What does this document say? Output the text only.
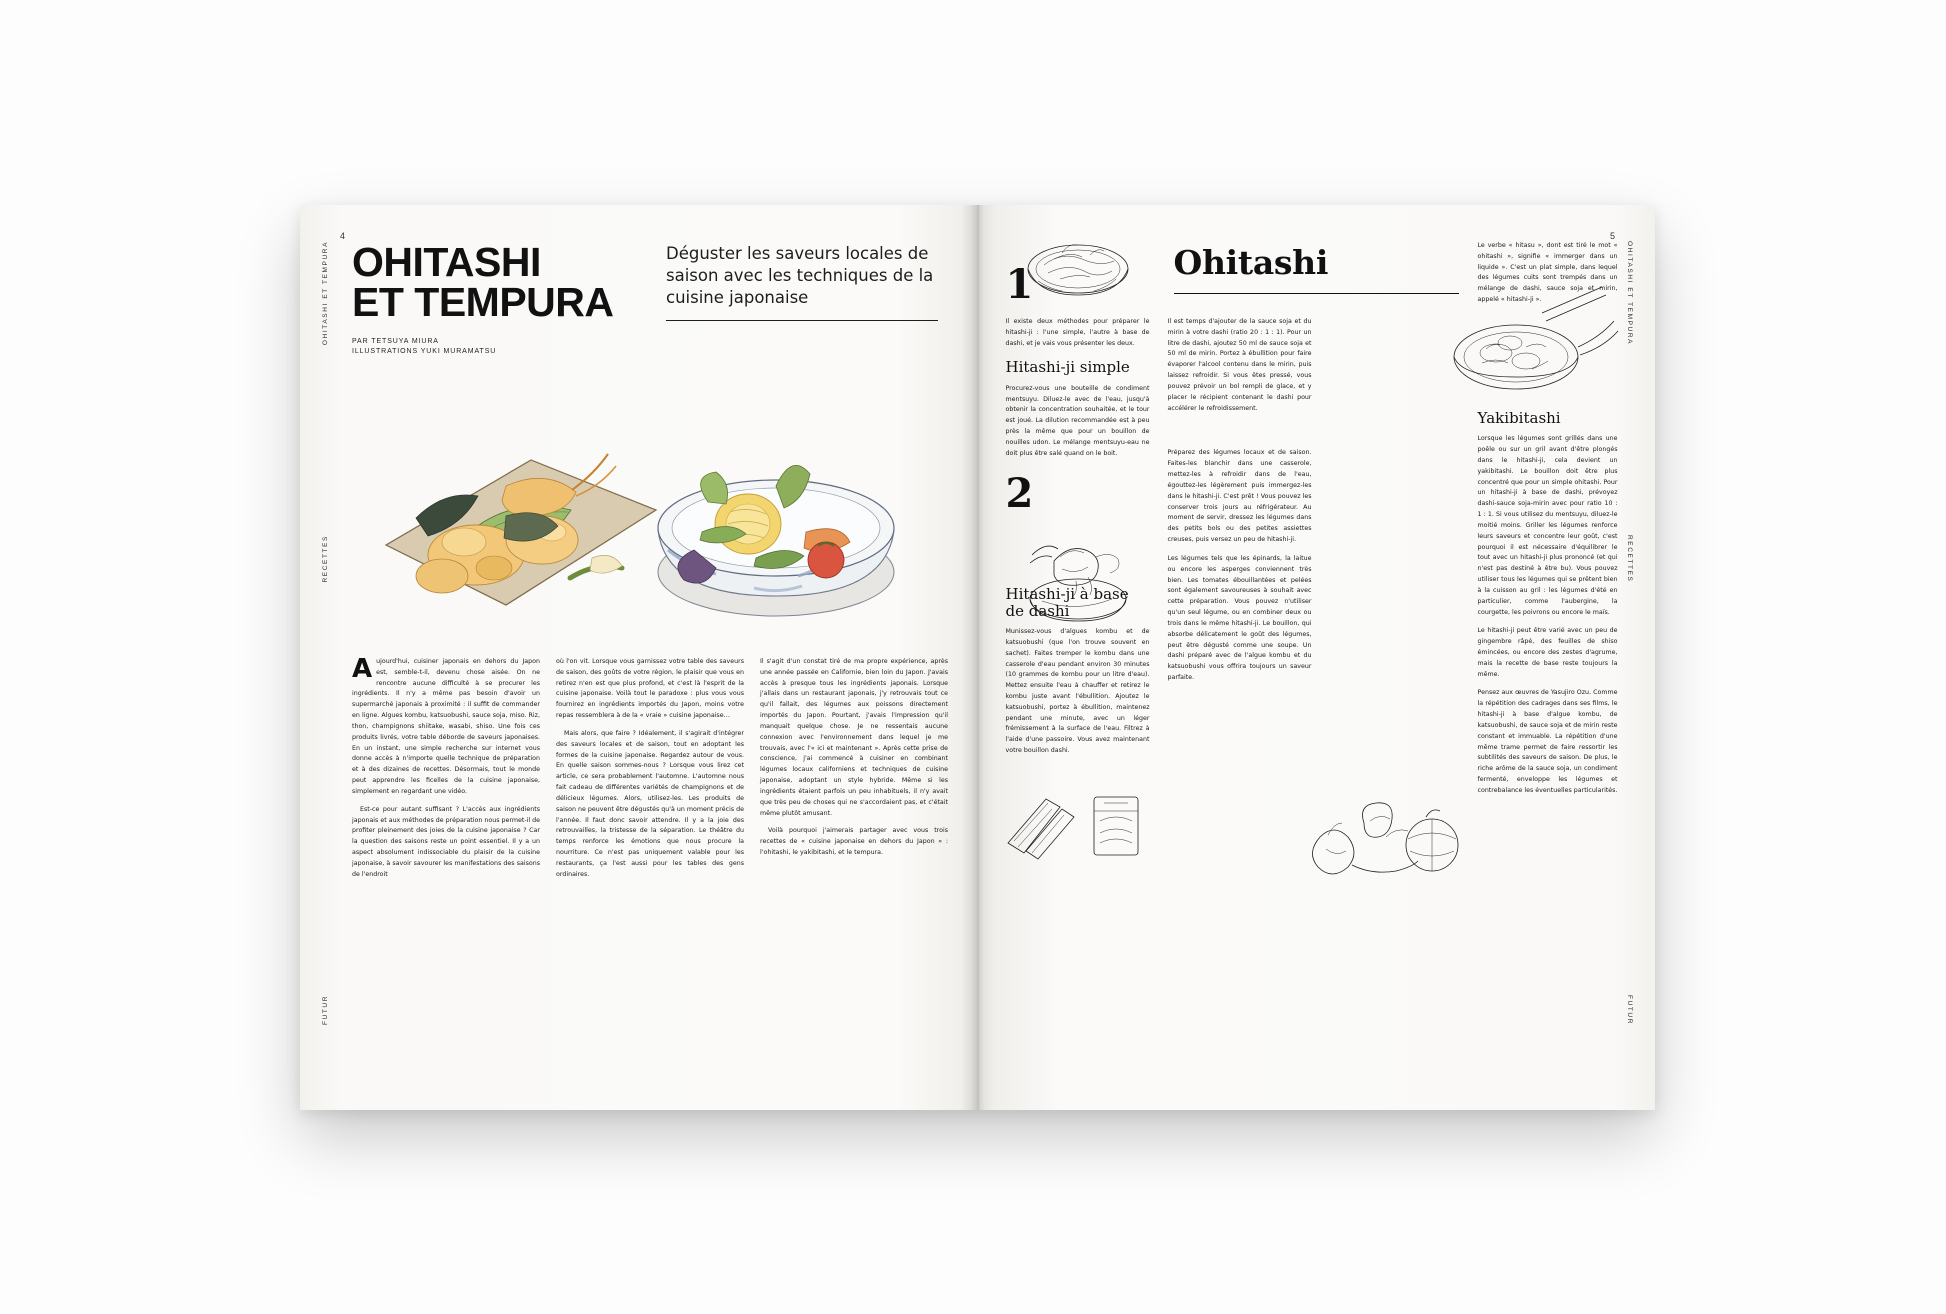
OHITASHI ET TEMPURA
RECETTES
FUTUR
4
OHITASHI
ET TEMPURA
PAR TETSUYA MIURA
ILLUSTRATIONS YUKI MURAMATSU
Déguster les saveurs locales de saison avec les techniques de la cuisine japonaise

Aujourd'hui, cuisiner japonais en dehors du Japon est, semble-t-il, devenu chose aisée. On ne rencontre aucune difficulté à se procurer les ingrédients. Il n'y a même pas besoin d'avoir un supermarché japonais à proximité : il suffit de commander en ligne. Algues kombu, katsuobushi, sauce soja, miso. Riz, thon, champignons shiitake, wasabi, shiso. Une fois ces produits livrés, votre table déborde de saveurs japonaises. En un instant, une simple recherche sur internet vous donne accès à n'importe quelle technique de préparation et à des dizaines de recettes. Désormais, tout le monde peut apprendre les ficelles de la cuisine japonaise, simplement en regardant une vidéo.

Est-ce pour autant suffisant ? L'accès aux ingrédients japonais et aux méthodes de préparation nous permet-il de profiter pleinement des joies de la cuisine japonaise ? Car la question des saisons reste un point essentiel. Il y a un aspect absolument indissociable du plaisir de la cuisine japonaise, à savoir savourer les manifestations des saisons de l'endroit

où l'on vit. Lorsque vous garnissez votre table des saveurs de saison, des goûts de votre région, le plaisir que vous en retirez n'en est que plus profond, et c'est là l'esprit de la cuisine japonaise. Voilà tout le paradoxe : plus vous vous fournirez en ingrédients importés du Japon, moins votre repas ressemblera à de la « vraie » cuisine japonaise…

Mais alors, que faire ? Idéalement, il s'agirait d'intégrer des saveurs locales et de saison, tout en adoptant les formes de la cuisine japonaise. Regardez autour de vous. En quelle saison sommes-nous ? Lorsque vous lirez cet article, ce sera probablement l'automne. L'automne nous fait cadeau de différentes variétés de champignons et de délicieux légumes. Alors, utilisez-les. Les produits de saison ne peuvent être dégustés qu'à un moment précis de l'année. Il faut donc savoir attendre. Il y a la joie des retrouvailles, la tristesse de la séparation. Le théâtre du temps renforce les émotions que nous procure la nourriture. Ce n'est pas uniquement valable pour les restaurants, ça l'est aussi pour les tables des gens ordinaires.

Il s'agit d'un constat tiré de ma propre expérience, après une année passée en Californie, bien loin du Japon. J'avais accès à presque tous les ingrédients japonais. Lorsque j'allais dans un restaurant japonais, j'y retrouvais tout ce qu'il fallait, des légumes aux poissons directement importés du Japon. Pourtant, j'avais l'impression qu'il manquait quelque chose. Je ne ressentais aucune connexion avec l'environnement dans lequel je me trouvais, avec l'« ici et maintenant ». Après cette prise de conscience, j'ai commencé à cuisiner en combinant légumes locaux californiens et techniques de cuisine japonaise, adoptant un style hybride. Même si les ingrédients étaient parfois un peu inhabituels, il n'y avait que très peu de choses qui ne s'accordaient pas, et c'était même plutôt amusant.

Voilà pourquoi j'aimerais partager avec vous trois recettes de « cuisine japonaise en dehors du Japon » : l'ohitashi, le yakibitashi, et le tempura.

OHITASHI ET TEMPURA
RECETTES
FUTUR
5
Ohitashi	Le verbe « hitasu », dont est tiré le mot « ohitashi », signifie « immerger dans un liquide ». C'est un plat simple, dans lequel des légumes cuits sont trempés dans un mélange de dashi, sauce soja et mirin, appelé « hitashi-ji ».
Il existe deux méthodes pour préparer le hitashi-ji : l'une simple, l'autre à base de dashi, et je vais vous présenter les deux.
Hitashi-ji simple
Procurez-vous une bouteille de condiment mentsuyu. Diluez-le avec de l'eau, jusqu'à obtenir la concentration souhaitée, et le tour est joué. La dilution recommandée est à peu près la même que pour un bouillon de nouilles udon. Le mélange mentsuyu-eau ne doit plus être salé quand on le boit.
2
Hitashi-ji à base de dashi
Munissez-vous d'algues kombu et de katsuobushi (que l'on trouve souvent en sachet). Faites tremper le kombu dans une casserole d'eau pendant environ 30 minutes (10 grammes de kombu pour un litre d'eau). Mettez ensuite l'eau à chauffer et retirez le kombu juste avant l'ébullition. Ajoutez le katsuobushi, portez à ébullition, maintenez pendant une minute, avec un léger frémissement à la surface de l'eau. Filtrez à l'aide d'une passoire. Vous avez maintenant votre bouillon dashi.
1
Il est temps d'ajouter de la sauce soja et du mirin à votre dashi (ratio 20 : 1 : 1). Pour un litre de dashi, ajoutez 50 ml de sauce soja et 50 ml de mirin. Portez à ébullition pour faire évaporer l'alcool contenu dans le mirin, puis laissez refroidir. Si vous êtes pressé, vous pouvez prévoir un bol rempli de glace, et y placer le récipient contenant le dashi pour accélérer le refroidissement.
Préparez des légumes locaux et de saison. Faites-les blanchir dans une casserole, mettez-les à refroidir dans de l'eau, égouttez-les légèrement puis immergez-les dans le hitashi-ji. C'est prêt ! Vous pouvez les conserver trois jours au réfrigérateur. Au moment de servir, dressez les légumes dans des petits bols ou des petites assiettes creuses, puis versez un peu de hitashi-ji.
Les légumes tels que les épinards, la laitue ou encore les asperges conviennent très bien. Les tomates ébouillantées et pelées sont également savoureuses à souhait avec cette préparation. Vous pouvez n'utiliser qu'un seul légume, ou en combiner deux ou trois dans le même hitashi-ji. Le bouillon, qui absorbe délicatement le goût des légumes, peut être dégusté comme une soupe. Un dashi préparé avec de l'algue kombu et du katsuobushi vous offrira toujours un saveur parfaite.
Yakibitashi
Lorsque les légumes sont grillés dans une poêle ou sur un gril avant d'être plongés dans le hitashi-ji, cela devient un yakibitashi. Le bouillon doit être plus concentré que pour un simple ohitashi. Pour un hitashi-ji à base de dashi, prévoyez dashi-sauce soja-mirin avec pour ratio 10 : 1 : 1. Si vous utilisez du mentsuyu, diluez-le moitié moins. Griller les légumes renforce leurs saveurs et concentre leur goût, c'est pourquoi il est nécessaire d'équilibrer le tout avec un hitashi-ji plus prononcé (et qui n'est pas destiné à être bu). Vous pouvez utiliser tous les légumes qui se prêtent bien à la cuisson au gril : les légumes d'été en particulier, comme l'aubergine, la courgette, les poivrons ou encore le maïs.
Le hitashi-ji peut être varié avec un peu de gingembre râpé, des feuilles de shiso émincées, ou encore des zestes d'agrume, mais la recette de base reste toujours la même.
Pensez aux œuvres de Yasujiro Ozu. Comme la répétition des cadrages dans ses films, le hitashi-ji à base d'algue kombu, de katsuobushi, de sauce soja et de mirin reste constant et immuable. La répétition d'une même trame permet de faire ressortir les subtilités des saveurs de saison. De plus, le riche arôme de la sauce soja, un condiment fermenté, enveloppe les légumes et contrebalance les éventuelles particularités.
